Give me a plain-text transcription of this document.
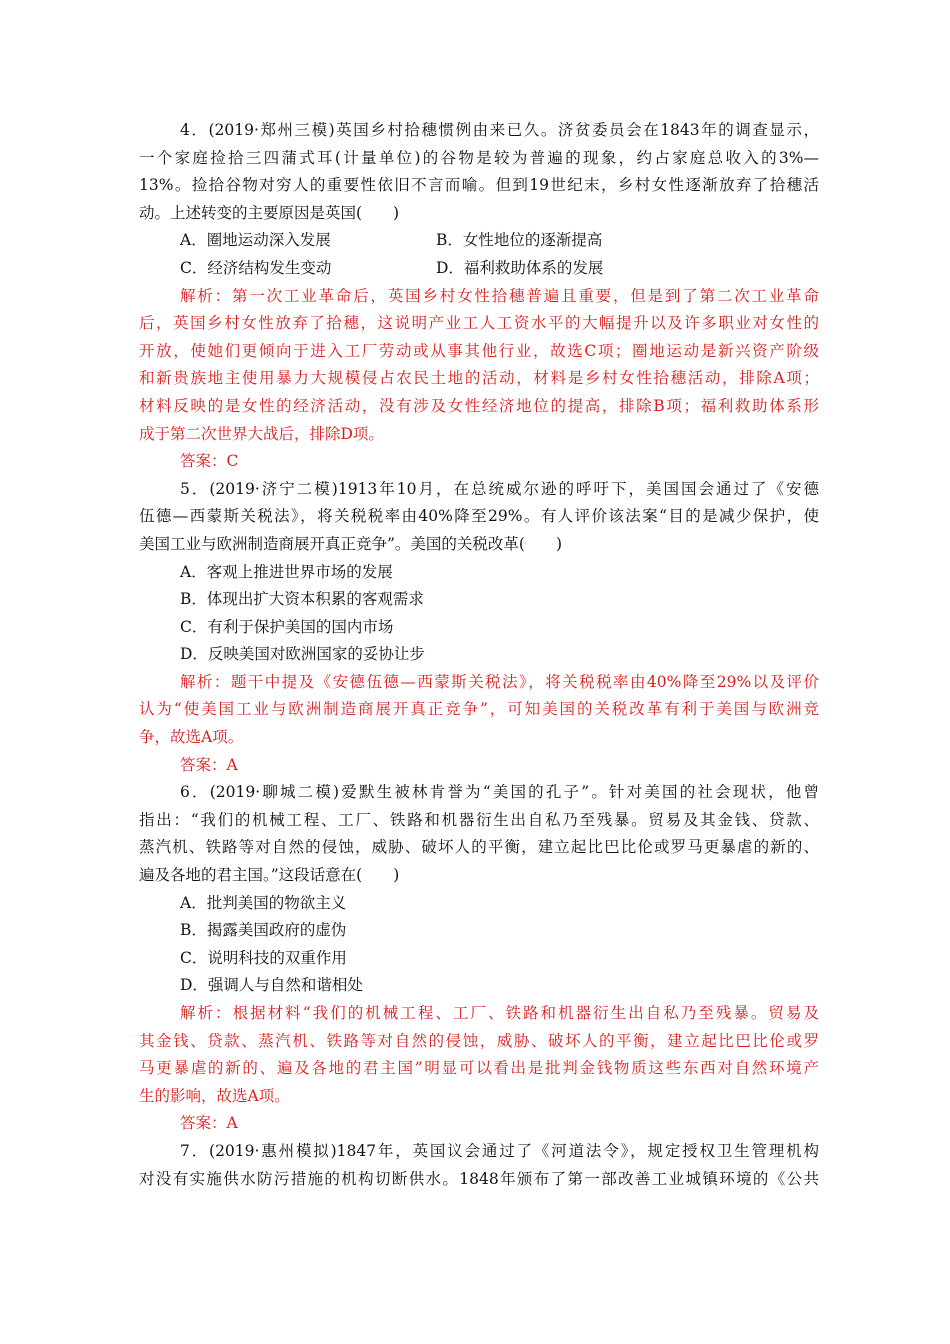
4．(2019·郑州三模)英国乡村拾穗惯例由来已久。济贫委员会在1843年的调查显示，
一个家庭捡拾三四蒲式耳(计量单位)的谷物是较为普遍的现象，约占家庭总收入的3%—
13%。捡拾谷物对穷人的重要性依旧不言而喻。但到19世纪末，乡村女性逐渐放弃了拾穗活
动。上述转变的主要原因是英国(　　)
A．圈地运动深入发展	B．女性地位的逐渐提高
C．经济结构发生变动	D．福利救助体系的发展
解析：第一次工业革命后，英国乡村女性拾穗普遍且重要，但是到了第二次工业革命
后，英国乡村女性放弃了拾穗，这说明产业工人工资水平的大幅提升以及许多职业对女性的
开放，使她们更倾向于进入工厂劳动或从事其他行业，故选C项；圈地运动是新兴资产阶级
和新贵族地主使用暴力大规模侵占农民土地的活动，材料是乡村女性拾穗活动，排除A项；
材料反映的是女性的经济活动，没有涉及女性经济地位的提高，排除B项；福利救助体系形
成于第二次世界大战后，排除D项。
答案：C
5．(2019·济宁二模)1913年10月，在总统威尔逊的呼吁下，美国国会通过了《安德
伍德—西蒙斯关税法》，将关税税率由40%降至29%。有人评价该法案“目的是减少保护，使
美国工业与欧洲制造商展开真正竞争”。美国的关税改革(　　)
A．客观上推进世界市场的发展
B．体现出扩大资本积累的客观需求
C．有利于保护美国的国内市场
D．反映美国对欧洲国家的妥协让步
解析：题干中提及《安德伍德—西蒙斯关税法》，将关税税率由40%降至29%以及评价
认为“使美国工业与欧洲制造商展开真正竞争”，可知美国的关税改革有利于美国与欧洲竞
争，故选A项。
答案：A
6．(2019·聊城二模)爱默生被林肯誉为“美国的孔子”。针对美国的社会现状，他曾
指出：“我们的机械工程、工厂、铁路和机器衍生出自私乃至残暴。贸易及其金钱、贷款、
蒸汽机、铁路等对自然的侵蚀，威胁、破坏人的平衡，建立起比巴比伦或罗马更暴虐的新的、
遍及各地的君主国。”这段话意在(　　)
A．批判美国的物欲主义
B．揭露美国政府的虚伪
C．说明科技的双重作用
D．强调人与自然和谐相处
解析：根据材料“我们的机械工程、工厂、铁路和机器衍生出自私乃至残暴。贸易及
其金钱、贷款、蒸汽机、铁路等对自然的侵蚀，威胁、破坏人的平衡，建立起比巴比伦或罗
马更暴虐的新的、遍及各地的君主国”明显可以看出是批判金钱物质这些东西对自然环境产
生的影响，故选A项。
答案：A
7．(2019·惠州模拟)1847年，英国议会通过了《河道法令》，规定授权卫生管理机构
对没有实施供水防污措施的机构切断供水。1848年颁布了第一部改善工业城镇环境的《公共
